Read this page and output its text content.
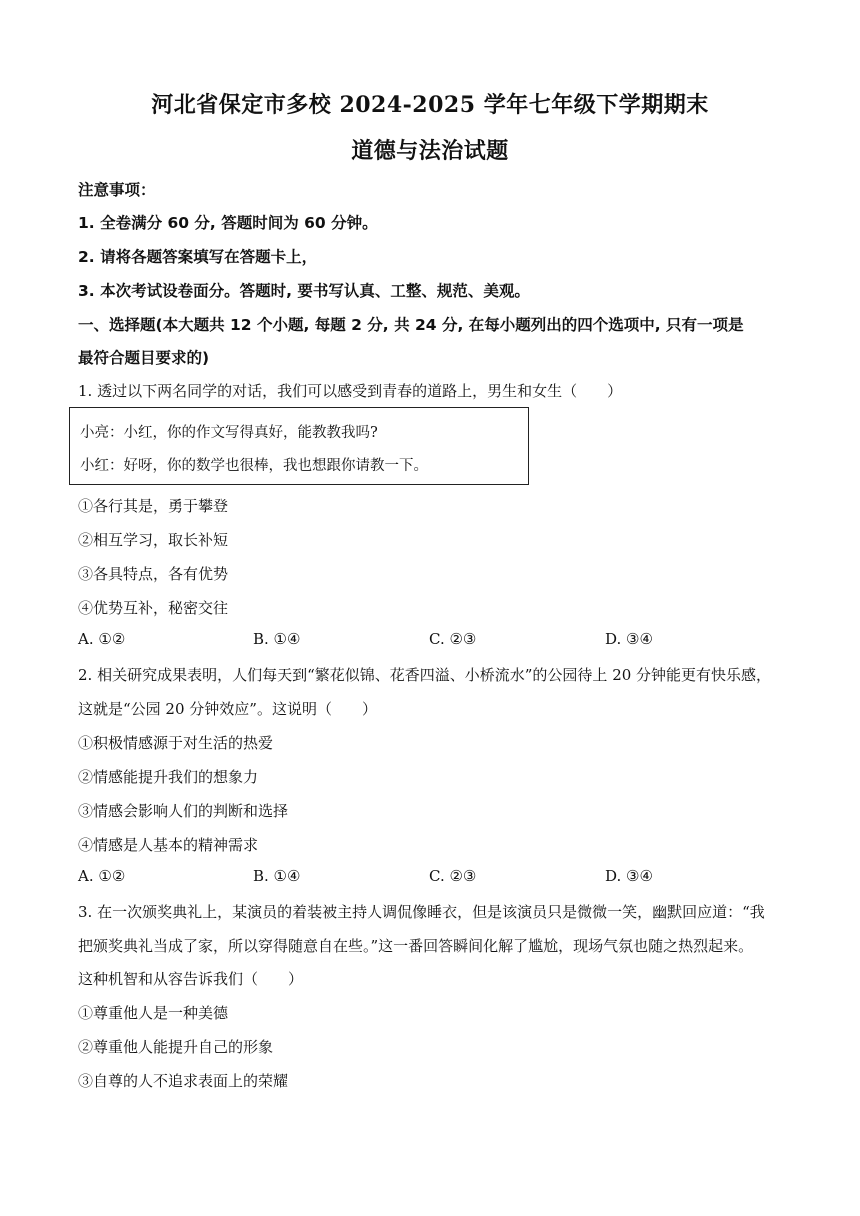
河北省保定市多校 2024-2025 学年七年级下学期期末
道德与法治试题
注意事项：
1. 全卷满分 60 分, 答题时间为 60 分钟。
2. 请将各题答案填写在答题卡上，
3. 本次考试设卷面分。答题时, 要书写认真、工整、规范、美观。
一、选择题(本大题共 12 个小题, 每题 2 分, 共 24 分, 在每小题列出的四个选项中, 只有一项是
最符合题目要求的)
1. 透过以下两名同学的对话，我们可以感受到青春的道路上，男生和女生（　　）
小亮：小红，你的作文写得真好，能教教我吗?
小红：好呀，你的数学也很棒，我也想跟你请教一下。
①各行其是，勇于攀登
②相互学习，取长补短
③各具特点，各有优势
④优势互补，秘密交往
A. ①②	B. ①④	C. ②③	D. ③④
2. 相关研究成果表明，人们每天到“繁花似锦、花香四溢、小桥流水”的公园待上 20 分钟能更有快乐感，
这就是“公园 20 分钟效应”。这说明（　　）
①积极情感源于对生活的热爱
②情感能提升我们的想象力
③情感会影响人们的判断和选择
④情感是人基本的精神需求
A. ①②	B. ①④	C. ②③	D. ③④
3. 在一次颁奖典礼上，某演员的着装被主持人调侃像睡衣，但是该演员只是微微一笑，幽默回应道：“我
把颁奖典礼当成了家，所以穿得随意自在些。”这一番回答瞬间化解了尴尬，现场气氛也随之热烈起来。
这种机智和从容告诉我们（　　）
①尊重他人是一种美德
②尊重他人能提升自己的形象
③自尊的人不追求表面上的荣耀
